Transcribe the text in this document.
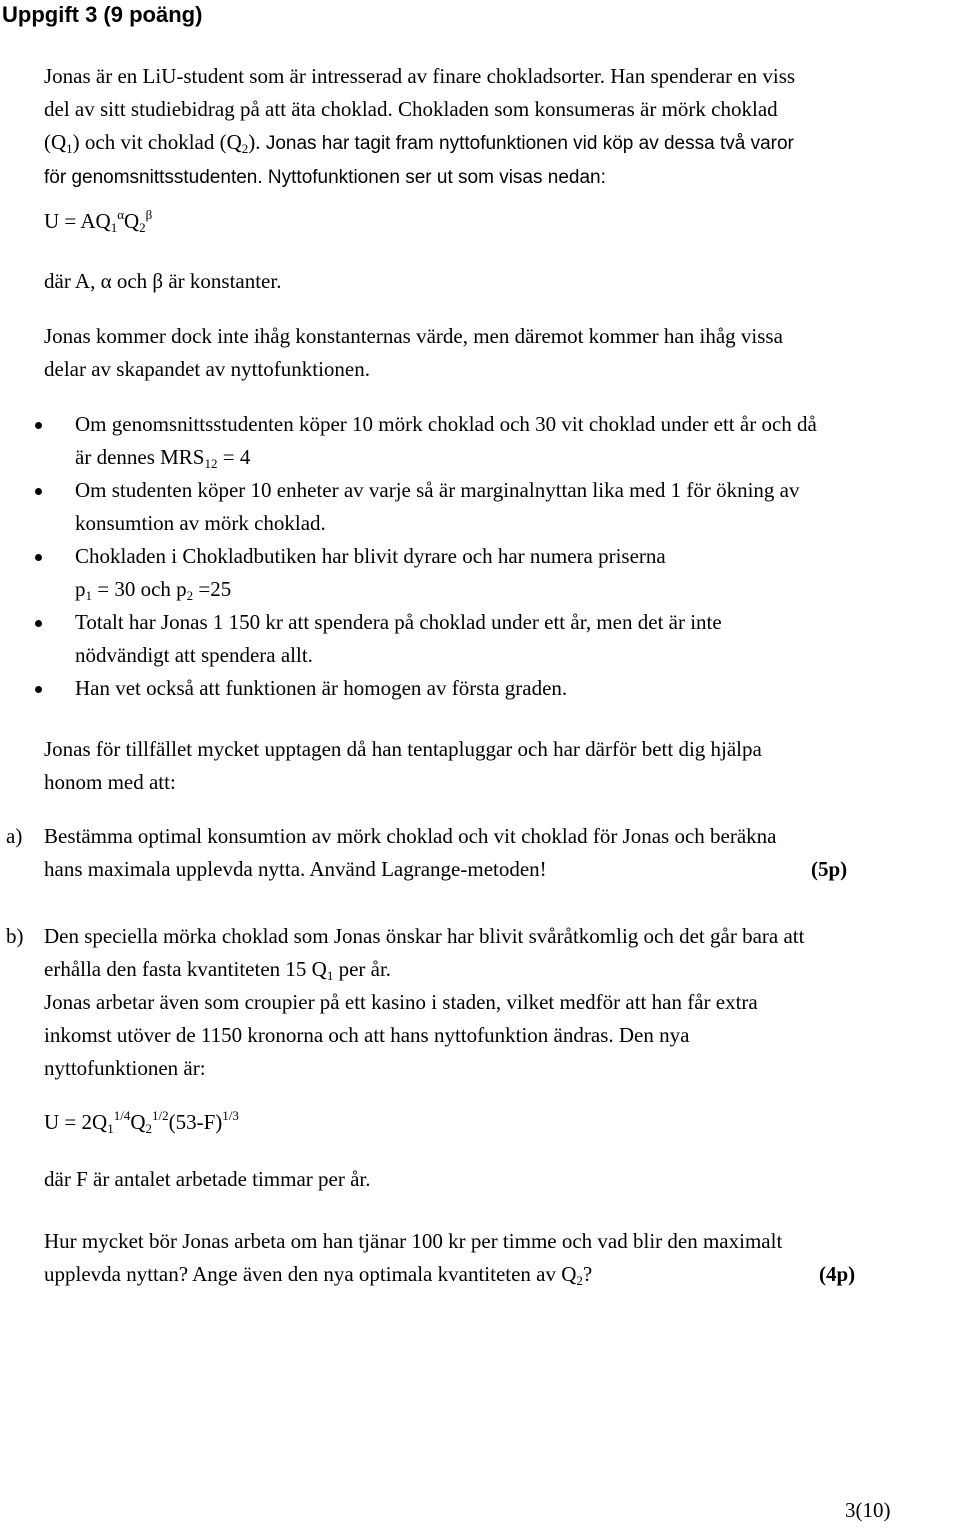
Uppgift 3 (9 poäng)
Jonas är en LiU-student som är intresserad av finare chokladsorter. Han spenderar en viss
del av sitt studiebidrag på att äta choklad. Chokladen som konsumeras är mörk choklad
$(Q_1)$ och vit choklad $(Q_2)$. Jonas har tagit fram nyttofunktionen vid köp av dessa två varor
för genomsnittsstudenten. Nyttofunktionen ser ut som visas nedan:
$U = AQ_1^\alpha Q_2^\beta$
där A, α och β är konstanter.
Jonas kommer dock inte ihåg konstanternas värde, men däremot kommer han ihåg vissa
delar av skapandet av nyttofunktionen.
Om genomsnittsstudenten köper 10 mörk choklad och 30 vit choklad under ett år och då
är dennes $MRS_{12} = 4$
Om studenten köper 10 enheter av varje så är marginalnyttan lika med 1 för ökning av
konsumtion av mörk choklad.
Chokladen i Chokladbutiken har blivit dyrare och har numera priserna
$p_1 = 30$ och $p_2 =25$
Totalt har Jonas 1 150 kr att spendera på choklad under ett år, men det är inte
nödvändigt att spendera allt.
Han vet också att funktionen är homogen av första graden.
Jonas för tillfället mycket upptagen då han tentapluggar och har därför bett dig hjälpa
honom med att:
a) Bestämma optimal konsumtion av mörk choklad och vit choklad för Jonas och beräkna
hans maximala upplevda nytta. Använd Lagrange-metoden!	(5p)
b) Den speciella mörka choklad som Jonas önskar har blivit svåråtkomlig och det går bara att
erhålla den fasta kvantiteten 15 $Q_1$ per år.
Jonas arbetar även som croupier på ett kasino i staden, vilket medför att han får extra
inkomst utöver de 1150 kronorna och att hans nyttofunktion ändras. Den nya
nyttofunktionen är:
$U = 2Q_1^{1/4}Q_2^{1/2}(53-F)^{1/3}$
där F är antalet arbetade timmar per år.
Hur mycket bör Jonas arbeta om han tjänar 100 kr per timme och vad blir den maximalt
upplevda nyttan? Ange även den nya optimala kvantiteten av $Q_2$?	(4p)
3(10)
